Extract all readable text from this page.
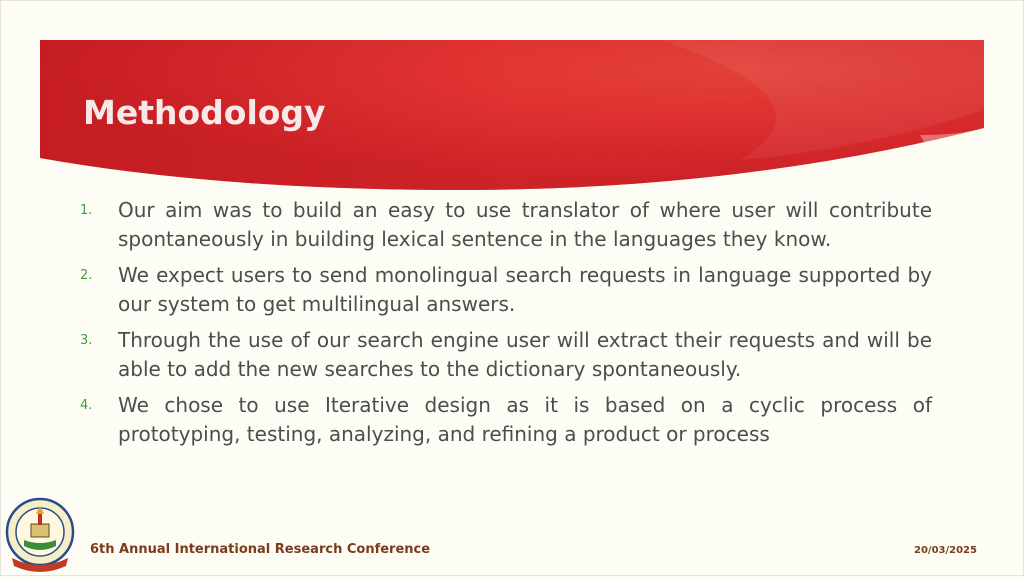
Methodology
1. Our aim was to build an easy to use translator of where user will contribute spontaneously in building lexical sentence in the languages they know.
2. We expect users to send monolingual search requests in language supported by our system to get multilingual answers.
3. Through the use of our search engine user will extract their requests and will be able to add the new searches to the dictionary spontaneously.
4. We chose to use Iterative design as it is based on a cyclic process of prototyping, testing, analyzing, and refining a product or process
6th Annual International Research Conference	20/03/2025
